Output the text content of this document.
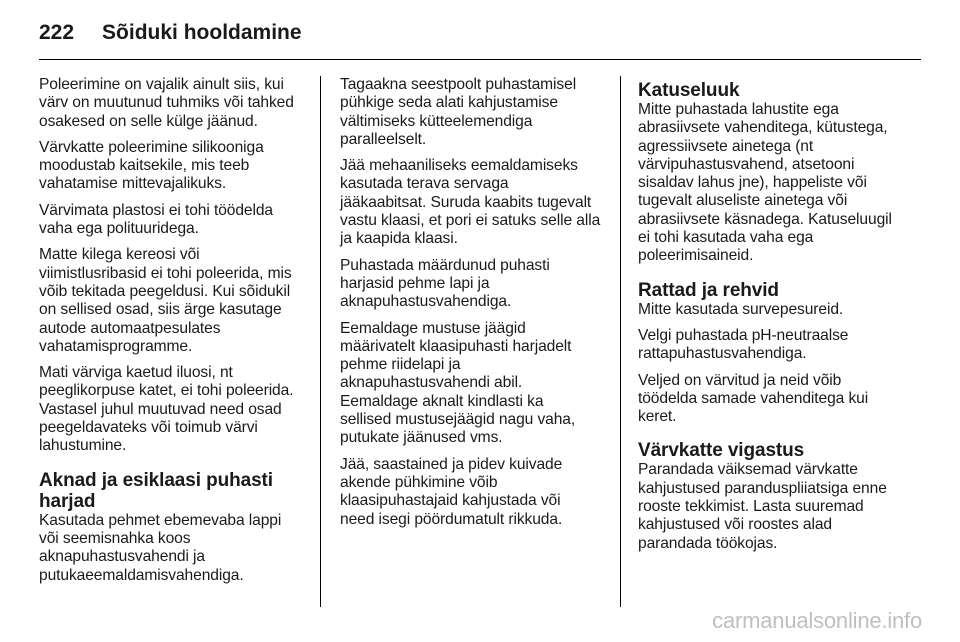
222 Sõiduki hooldamine

Poleerimine on vajalik ainult siis, kui
värv on muutunud tuhmiks või tahked
osakesed on selle külge jäänud.

Värvkatte poleerimine silikooniga
moodustab kaitsekile, mis teeb
vahatamise mittevajalikuks.

Värvimata plastosi ei tohi töödelda
vaha ega polituuridega.

Matte kilega kereosi või
viimistlusribasid ei tohi poleerida, mis
võib tekitada peegeldusi. Kui sõidukil
on sellised osad, siis ärge kasutage
autode automaatpesulates
vahatamisprogramme.

Mati värviga kaetud iluosi, nt
peeglikorpuse katet, ei tohi poleerida.
Vastasel juhul muutuvad need osad
peegeldavateks või toimub värvi
lahustumine.

Aknad ja esiklaasi puhasti
harjad

Kasutada pehmet ebemevaba lappi
või seemisnahka koos
aknapuhastusvahendi ja
putukaeemaldamisvahendiga.

Tagaakna seestpoolt puhastamisel
pühkige seda alati kahjustamise
vältimiseks kütteelemendiga
paralleelselt.

Jää mehaaniliseks eemaldamiseks
kasutada terava servaga
jääkaabitsat. Suruda kaabits tugevalt
vastu klaasi, et pori ei satuks selle alla
ja kaapida klaasi.

Puhastada määrdunud puhasti
harjasid pehme lapi ja
aknapuhastusvahendiga.

Eemaldage mustuse jäägid
määrivatelt klaasipuhasti harjadelt
pehme riidelapi ja
aknapuhastusvahendi abil.

Eemaldage aknalt kindlasti ka
sellised mustusejäägid nagu vaha,
putukate jäänused vms.

Jää, saastained ja pidev kuivade
akende pühkimine võib
klaasipuhastajaid kahjustada või
need isegi pöördumatult rikkuda.

Katuseluuk

Mitte puhastada lahustite ega
abrasiivsete vahenditega, kütustega,
agressiivsete ainetega (nt
värvipuhastusvahend, atsetooni
sisaldav lahus jne), happeliste või
tugevalt aluseliste ainetega või
abrasiivsete käsnadega. Katuseluugil
ei tohi kasutada vaha ega
poleerimisaineid.

Rattad ja rehvid

Mitte kasutada survepesureid.

Velgi puhastada pH-neutraalse
rattapuhastusvahendiga.

Veljed on värvitud ja neid võib
töödelda samade vahenditega kui
keret.

Värvkatte vigastus

Parandada väiksemad värvkatte
kahjustused paranduspliiatsiga enne
rooste tekkimist. Lasta suuremad
kahjustused või roostes alad
parandada töökojas.

carmanualsonline.info
